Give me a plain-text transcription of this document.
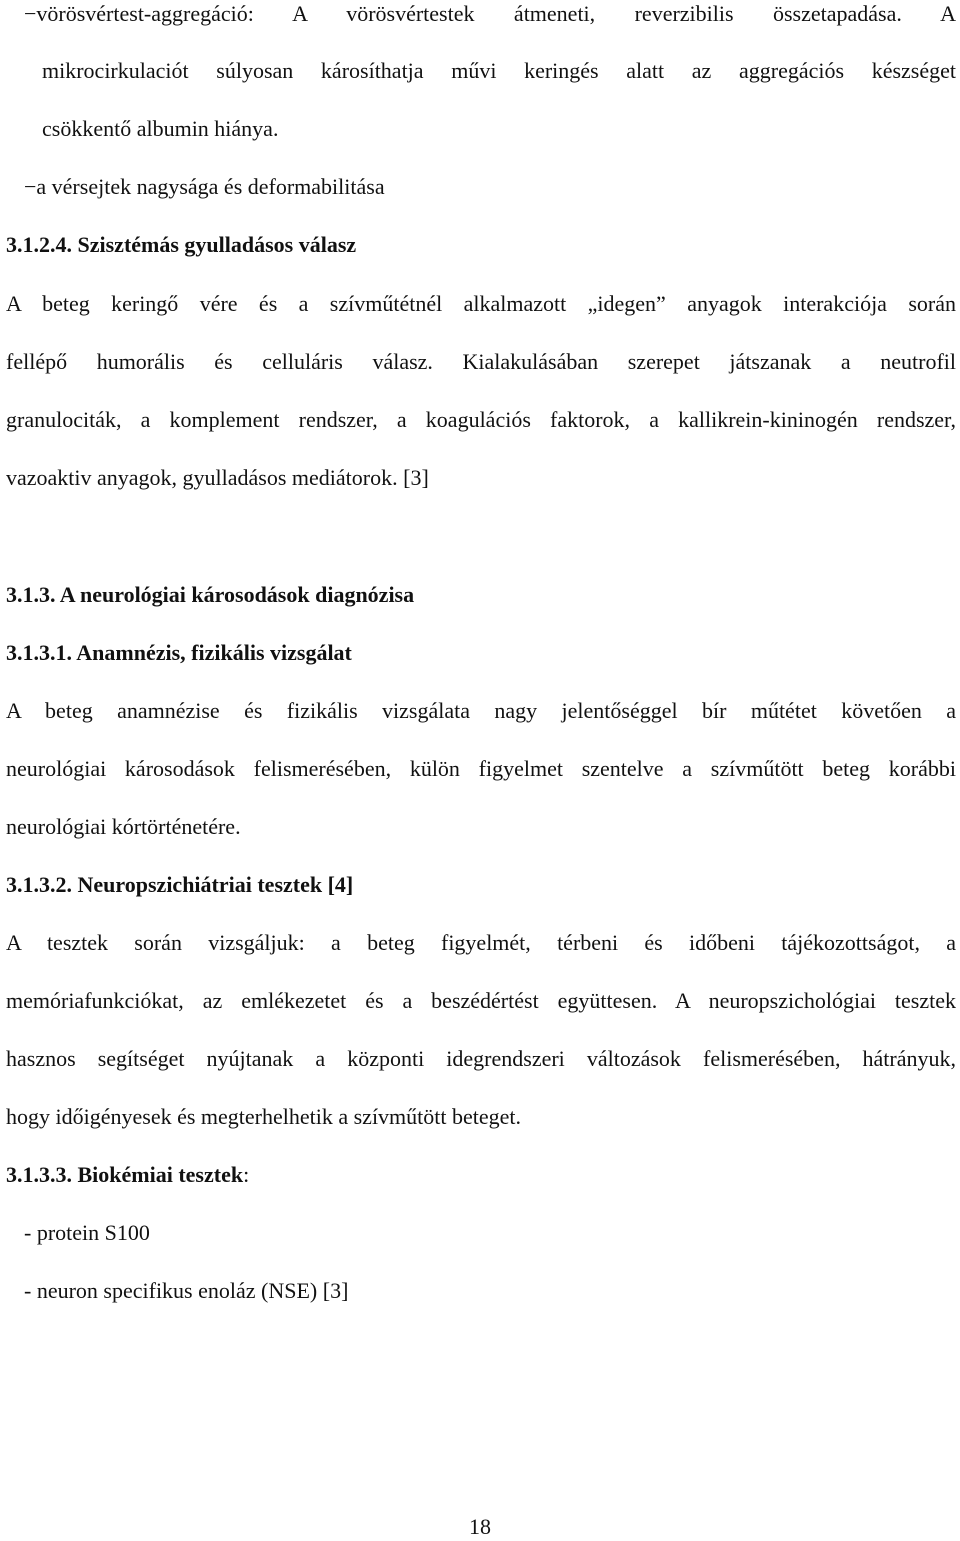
−vörösvértest-aggregáció: A vörösvértestek átmeneti, reverzibilis összetapadása. A
mikrocirkulaciót súlyosan károsíthatja művi keringés alatt az aggregációs készséget
csökkentő albumin hiánya.
−a vérsejtek nagysága és deformabilitása
3.1.2.4. Szisztémás gyulladásos válasz
A beteg keringő vére és a szívműtétnél alkalmazott „idegen” anyagok interakciója során
fellépő humorális és celluláris válasz. Kialakulásában szerepet játszanak a neutrofil
granulociták, a komplement rendszer, a koagulációs faktorok, a kallikrein-kininogén rendszer,
vazoaktiv anyagok, gyulladásos mediátorok. [3]
3.1.3. A neurológiai károsodások diagnózisa
3.1.3.1. Anamnézis, fizikális vizsgálat
A beteg anamnézise és fizikális vizsgálata nagy jelentőséggel bír műtétet követően a
neurológiai károsodások felismerésében, külön figyelmet szentelve a szívműtött beteg korábbi
neurológiai kórtörténetére.
3.1.3.2. Neuropszichiátriai tesztek [4]
A tesztek során vizsgáljuk: a beteg figyelmét, térbeni és időbeni tájékozottságot, a
memóriafunkciókat, az emlékezetet és a beszédértést együttesen. A neuropszichológiai tesztek
hasznos segítséget nyújtanak a központi idegrendszeri változások felismerésében, hátrányuk,
hogy időigényesek és megterhelhetik a szívműtött beteget.
3.1.3.3. Biokémiai tesztek:
- protein S100
- neuron specifikus enoláz (NSE) [3]
18
